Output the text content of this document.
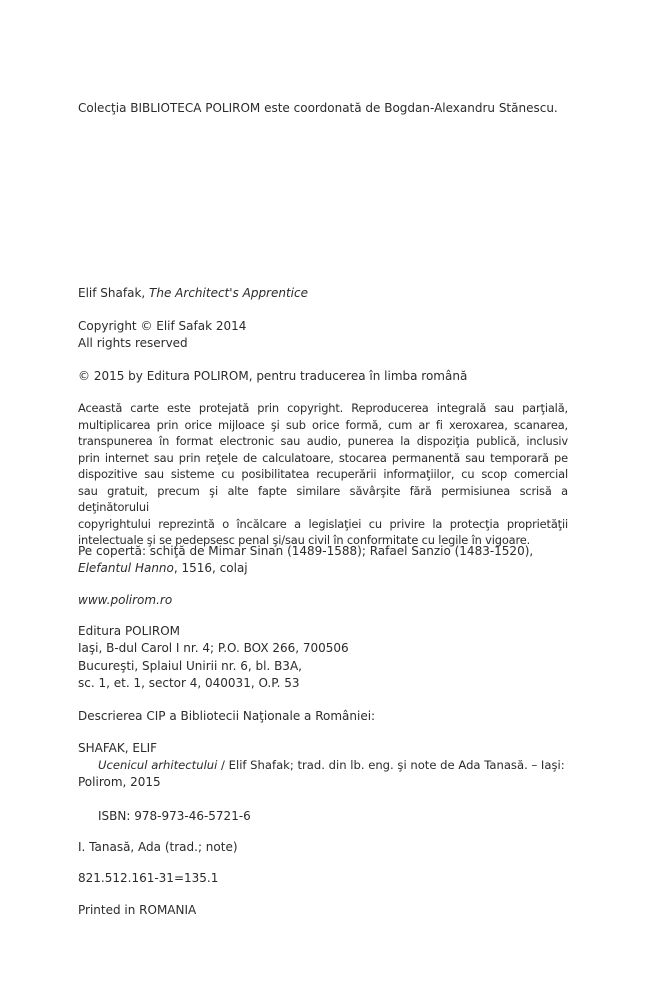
Colecţia BIBLIOTECA POLIROM este coordonată de Bogdan-Alexandru Stănescu.

Elif Shafak, The Architect's Apprentice

Copyright © Elif Safak 2014
All rights reserved

© 2015 by Editura POLIROM, pentru traducerea în limba română

Această carte este protejată prin copyright. Reproducerea integrală sau parţială,
multiplicarea prin orice mijloace şi sub orice formă, cum ar fi xeroxarea, scanarea,
transpunerea în format electronic sau audio, punerea la dispoziţia publică, inclusiv
prin internet sau prin reţele de calculatoare, stocarea permanentă sau temporară pe
dispozitive sau sisteme cu posibilitatea recuperării informaţiilor, cu scop comercial
sau gratuit, precum şi alte fapte similare săvârşite fără permisiunea scrisă a deţinătorului
copyrightului reprezintă o încălcare a legislaţiei cu privire la protecţia proprietăţii
intelectuale şi se pedepsesc penal şi/sau civil în conformitate cu legile în vigoare.
Pe copertă: schiţă de Mimar Sinan (1489-1588); Rafael Sanzio (1483-1520),
Elefantul Hanno, 1516, colaj

www.polirom.ro

Editura POLIROM
Iaşi, B-dul Carol I nr. 4; P.O. BOX 266, 700506
Bucureşti, Splaiul Unirii nr. 6, bl. B3A,
sc. 1, et. 1, sector 4, 040031, O.P. 53

Descrierea CIP a Bibliotecii Naţionale a României:

SHAFAK, ELIF
Ucenicul arhitectului / Elif Shafak; trad. din lb. eng. şi note de Ada Tanasă. – Iaşi:
Polirom, 2015

ISBN: 978-973-46-5721-6

I. Tanasă, Ada (trad.; note)

821.512.161-31=135.1

Printed in ROMANIA
